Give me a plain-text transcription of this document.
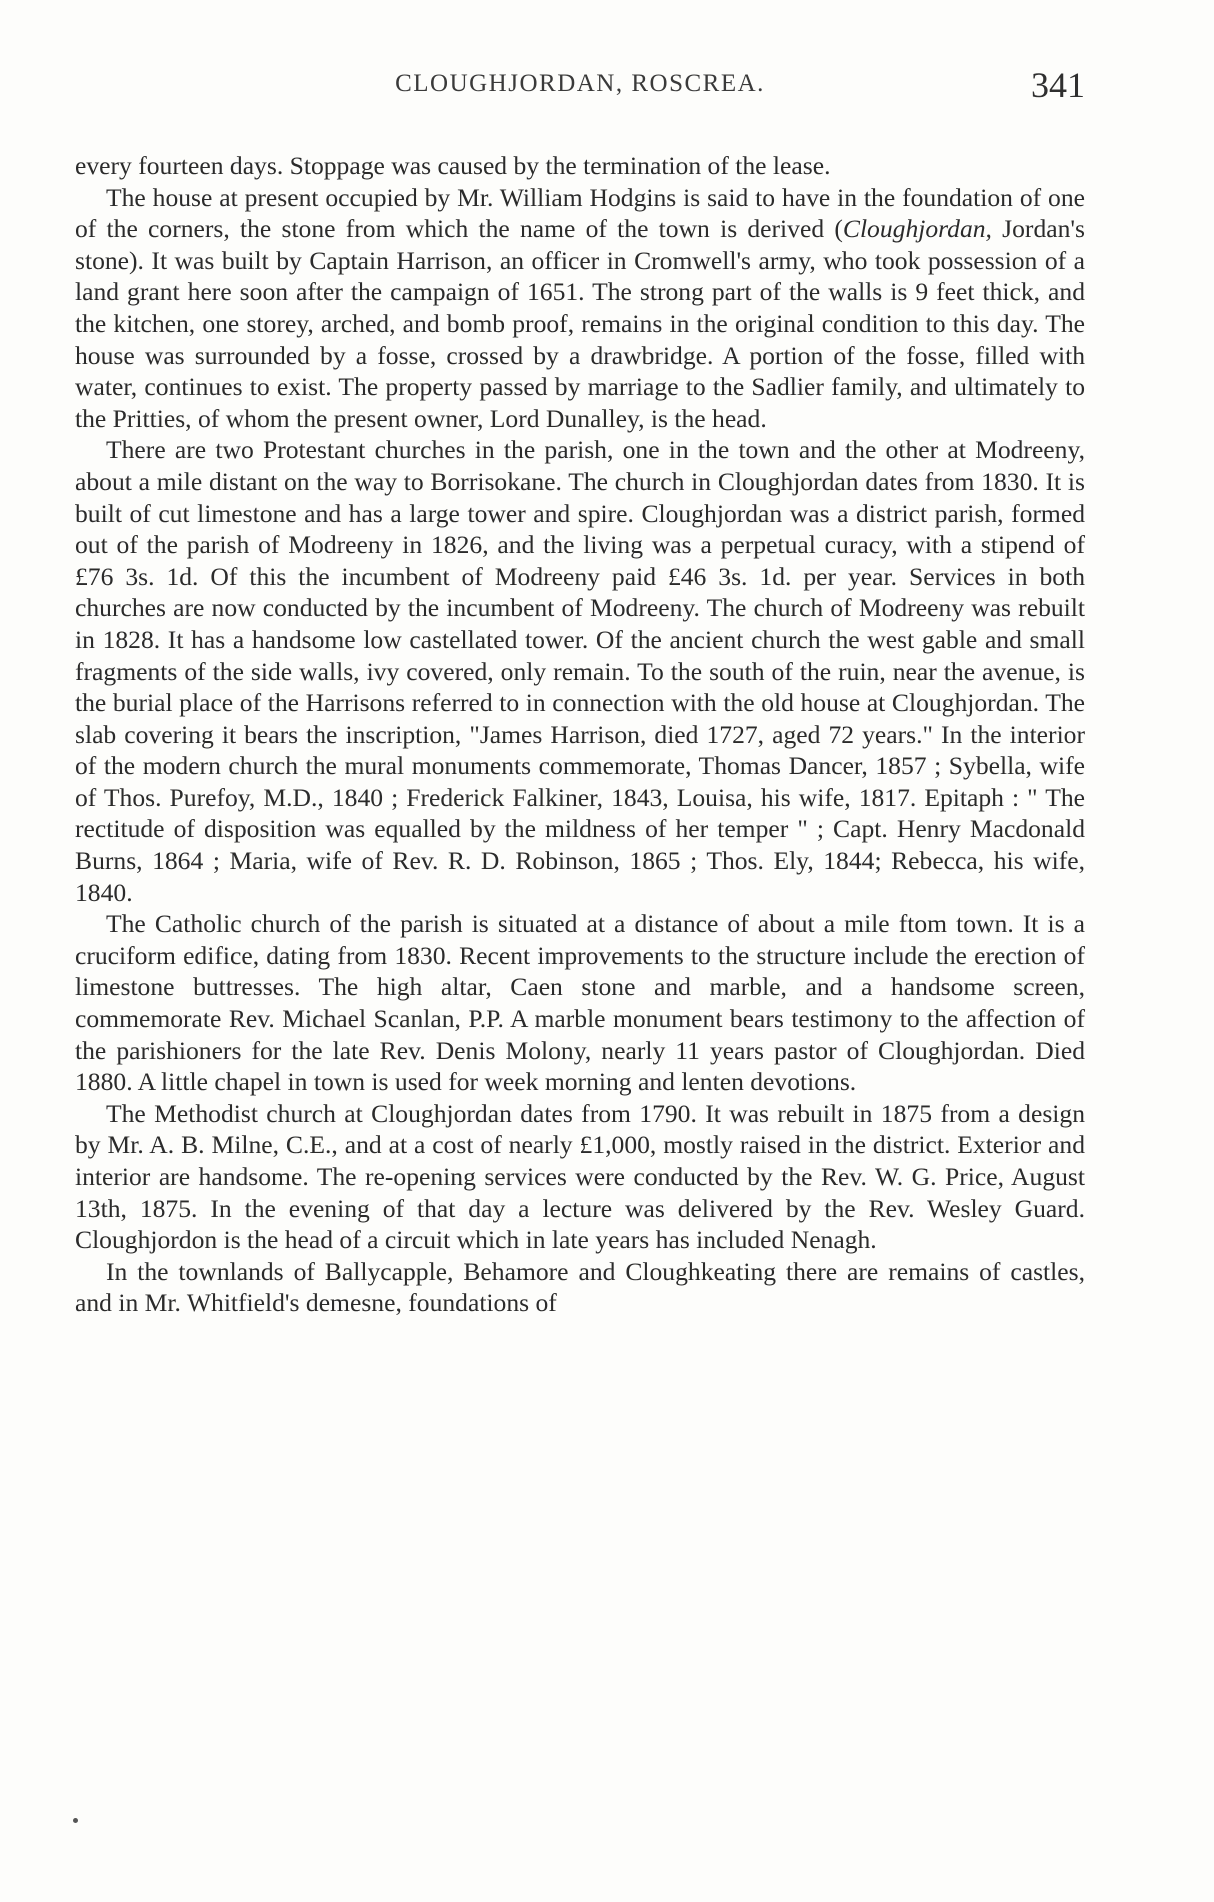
CLOUGHJORDAN, ROSCREA.	341

every fourteen days. Stoppage was caused by the termination of the lease.

The house at present occupied by Mr. William Hodgins is said to have in the foundation of one of the corners, the stone from which the name of the town is derived (Cloughjordan, Jordan's stone). It was built by Captain Harrison, an officer in Cromwell's army, who took possession of a land grant here soon after the campaign of 1651. The strong part of the walls is 9 feet thick, and the kitchen, one storey, arched, and bomb proof, remains in the original condition to this day. The house was surrounded by a fosse, crossed by a drawbridge. A portion of the fosse, filled with water, continues to exist. The property passed by marriage to the Sadlier family, and ultimately to the Pritties, of whom the present owner, Lord Dunalley, is the head.

There are two Protestant churches in the parish, one in the town and the other at Modreeny, about a mile distant on the way to Borrisokane. The church in Cloughjordan dates from 1830. It is built of cut limestone and has a large tower and spire. Cloughjordan was a district parish, formed out of the parish of Modreeny in 1826, and the living was a perpetual curacy, with a stipend of £76 3s. 1d. Of this the incumbent of Modreeny paid £46 3s. 1d. per year. Services in both churches are now conducted by the incumbent of Modreeny. The church of Modreeny was rebuilt in 1828. It has a handsome low castellated tower. Of the ancient church the west gable and small fragments of the side walls, ivy covered, only remain. To the south of the ruin, near the avenue, is the burial place of the Harrisons referred to in connection with the old house at Cloughjordan. The slab covering it bears the inscription, "James Harrison, died 1727, aged 72 years." In the interior of the modern church the mural monuments commemorate, Thomas Dancer, 1857 ; Sybella, wife of Thos. Purefoy, M.D., 1840 ; Frederick Falkiner, 1843, Louisa, his wife, 1817. Epitaph : " The rectitude of disposition was equalled by the mildness of her temper " ; Capt. Henry Macdonald Burns, 1864 ; Maria, wife of Rev. R. D. Robinson, 1865 ; Thos. Ely, 1844; Rebecca, his wife, 1840.

The Catholic church of the parish is situated at a distance of about a mile ftom town. It is a cruciform edifice, dating from 1830. Recent improvements to the structure include the erection of limestone buttresses. The high altar, Caen stone and marble, and a handsome screen, commemorate Rev. Michael Scanlan, P.P. A marble monument bears testimony to the affection of the parishioners for the late Rev. Denis Molony, nearly 11 years pastor of Cloughjordan. Died 1880. A little chapel in town is used for week morning and lenten devotions.

The Methodist church at Cloughjordan dates from 1790. It was rebuilt in 1875 from a design by Mr. A. B. Milne, C.E., and at a cost of nearly £1,000, mostly raised in the district. Exterior and interior are handsome. The re-opening services were conducted by the Rev. W. G. Price, August 13th, 1875. In the evening of that day a lecture was delivered by the Rev. Wesley Guard. Cloughjordon is the head of a circuit which in late years has included Nenagh.

In the townlands of Ballycapple, Behamore and Cloughkeating there are remains of castles, and in Mr. Whitfield's demesne, foundations of
